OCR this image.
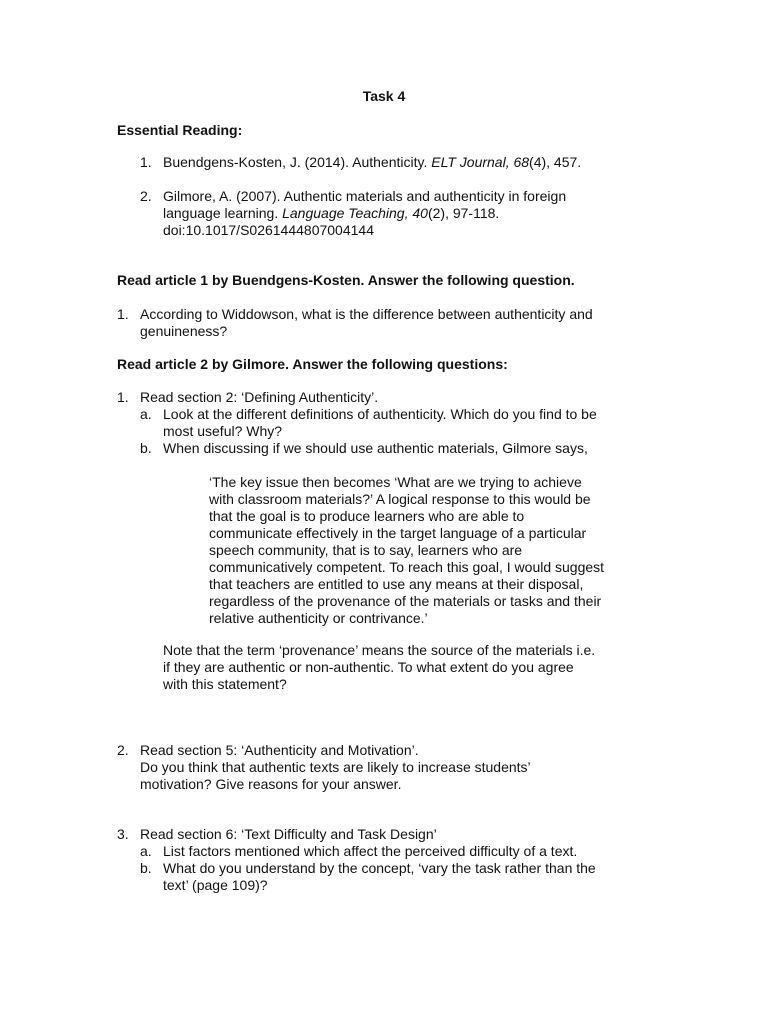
Task 4
Essential Reading:
1. Buendgens-Kosten, J. (2014). Authenticity. ELT Journal, 68(4), 457.
2. Gilmore, A. (2007). Authentic materials and authenticity in foreign
language learning. Language Teaching, 40(2), 97-118.
doi:10.1017/S0261444807004144
Read article 1 by Buendgens-Kosten. Answer the following question.
1. According to Widdowson, what is the difference between authenticity and
genuineness?
Read article 2 by Gilmore. Answer the following questions:
1. Read section 2: ‘Defining Authenticity’.
a. Look at the different definitions of authenticity. Which do you find to be
most useful? Why?
b. When discussing if we should use authentic materials, Gilmore says,
‘The key issue then becomes ‘What are we trying to achieve
with classroom materials?’ A logical response to this would be
that the goal is to produce learners who are able to
communicate effectively in the target language of a particular
speech community, that is to say, learners who are
communicatively competent. To reach this goal, I would suggest
that teachers are entitled to use any means at their disposal,
regardless of the provenance of the materials or tasks and their
relative authenticity or contrivance.’
Note that the term ‘provenance’ means the source of the materials i.e.
if they are authentic or non-authentic. To what extent do you agree
with this statement?
2. Read section 5: ‘Authenticity and Motivation’.
Do you think that authentic texts are likely to increase students’
motivation? Give reasons for your answer.
3. Read section 6: ‘Text Difficulty and Task Design’
a. List factors mentioned which affect the perceived difficulty of a text.
b. What do you understand by the concept, ‘vary the task rather than the
text’ (page 109)?
